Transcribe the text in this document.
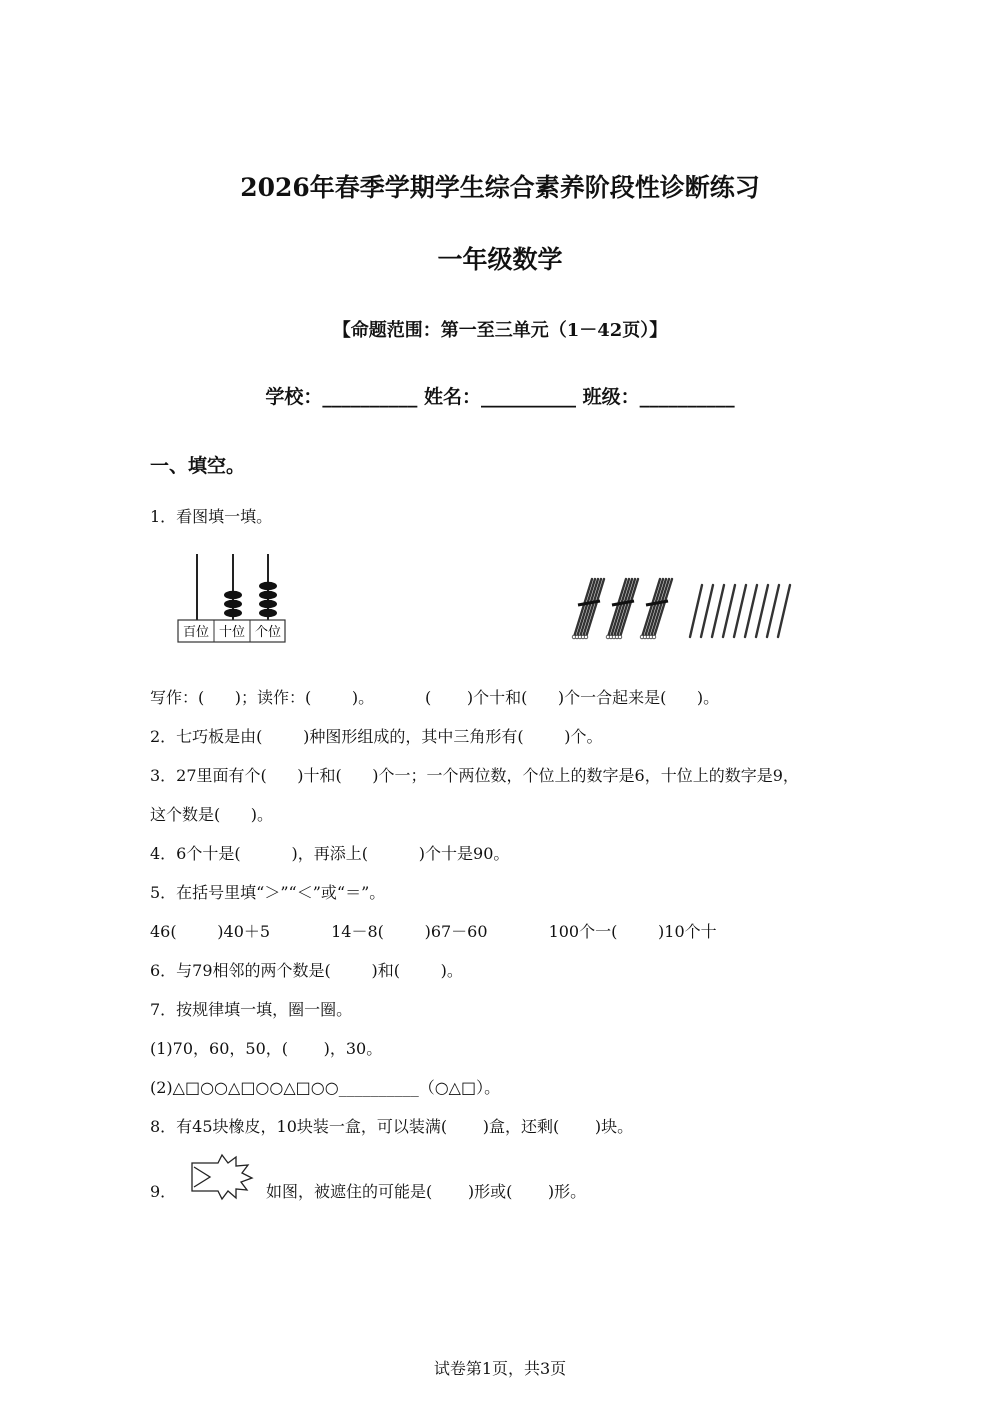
2026年春季学期学生综合素养阶段性诊断练习
一年级数学
【命题范围：第一至三单元（1－42页）】
学校：__________ 姓名：__________ 班级：__________
一、填空。
1．看图填一填。
百位 十位 个位
写作：(      )；读作：(        )。          (       )个十和(      )个一合起来是(      )。
2．七巧板是由(        )种图形组成的，其中三角形有(        )个。
3．27里面有个(      )十和(      )个一；一个两位数，个位上的数字是6，十位上的数字是9，
这个数是(      )。
4．6个十是(          )，再添上(          )个十是90。
5．在括号里填“＞”“＜”或“＝”。
46(        )40＋5            14－8(        )67－60            100个一(        )10个十
6．与79相邻的两个数是(        )和(        )。
7．按规律填一填，圈一圈。
(1)70，60，50，(       )，30。
(2)△□○○△□○○△□○○__________（○△□）。
8．有45块橡皮，10块装一盒，可以装满(       )盒，还剩(       )块。
9．	如图，被遮住的可能是(       )形或(       )形。
试卷第1页，共3页
